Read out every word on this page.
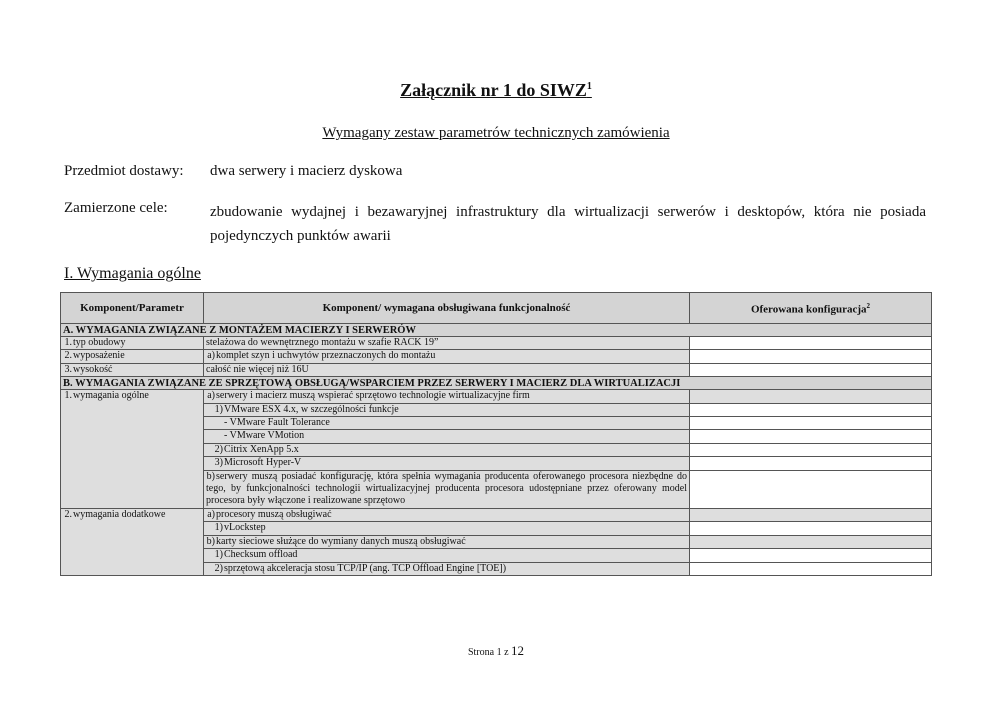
Załącznik nr 1 do SIWZ$^1$
Wymagany zestaw parametrów technicznych zamówienia
Przedmiot dostawy: dwa serwery i macierz dyskowa
Zamierzone cele:	zbudowanie wydajnej i bezawaryjnej infrastruktury dla wirtualizacji serwerów i desktopów, która nie posiada pojedynczych punktów awarii
I. Wymagania ogólne
Komponent/Parametr	Komponent/ wymagana obsługiwana funkcjonalność	Oferowana konfiguracja$^2$
A. WYMAGANIA ZWIĄZANE Z MONTAŻEM MACIERZY I SERWERÓW		
1.typ obudowy	stelażowa do wewnętrznego montażu w szafie RACK 19”	
2.wyposażenie	a)komplet szyn i uchwytów przeznaczonych do montażu	
3.wysokość	całość nie więcej niż 16U	
B. WYMAGANIA ZWIĄZANE ZE SPRZĘTOWĄ OBSŁUGĄ/WSPARCIEM PRZEZ SERWERY I MACIERZ DLA WIRTUALIZACJI		
1.wymagania ogólne	a)serwery i macierz muszą wspierać sprzętowo technologie wirtualizacyjne firm	
	1)VMware ESX 4.x, w szczególności funkcje	
	- VMware Fault Tolerance	
	- VMware VMotion	
	2)Citrix XenApp 5.x	
	3)Microsoft Hyper-V	
	b)serwery muszą posiadać konfigurację, która spełnia wymagania producenta oferowanego procesora niezbędne do tego, by funkcjonalności technologii wirtualizacyjnej producenta procesora udostępniane przez oferowany model procesora były włączone i realizowane sprzętowo	
2.wymagania dodatkowe	a)procesory muszą obsługiwać	
	1)vLockstep	
	b)karty sieciowe służące do wymiany danych muszą obsługiwać	
	1)Checksum offload	
	2)sprzętową akceleracja stosu TCP/IP (ang. TCP Offload Engine [TOE])	
Strona 1 z 12
